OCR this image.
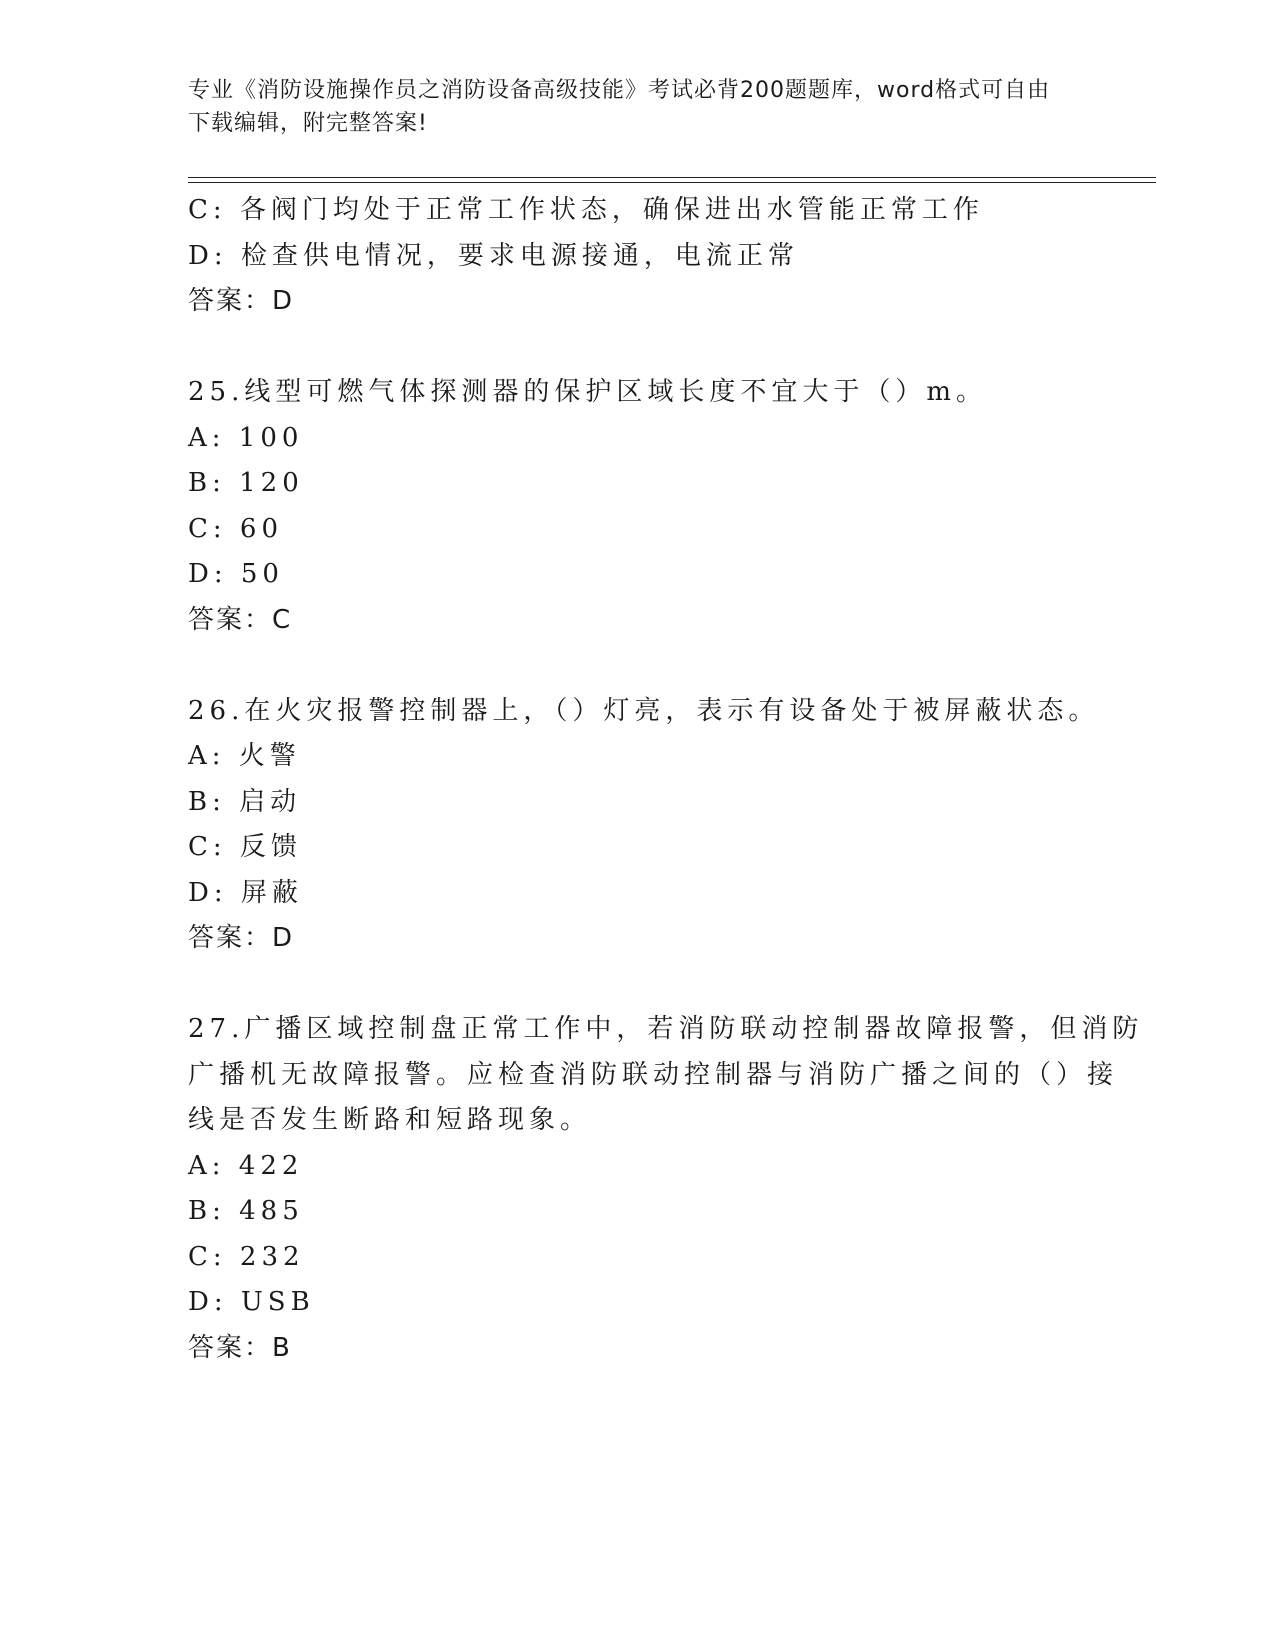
专业《消防设施操作员之消防设备高级技能》考试必背200题题库，word格式可自由下载编辑，附完整答案!
C: 各阀门均处于正常工作状态，确保进出水管能正常工作
D: 检查供电情况，要求电源接通，电流正常
答案：D
25.线型可燃气体探测器的保护区域长度不宜大于（）m。
A: 100
B: 120
C: 60
D: 50
答案：C
26.在火灾报警控制器上，（）灯亮，表示有设备处于被屏蔽状态。
A: 火警
B: 启动
C: 反馈
D: 屏蔽
答案：D
27.广播区域控制盘正常工作中，若消防联动控制器故障报警，但消防
广播机无故障报警。应检查消防联动控制器与消防广播之间的（）接
线是否发生断路和短路现象。
A: 422
B: 485
C: 232
D: USB
答案：B
